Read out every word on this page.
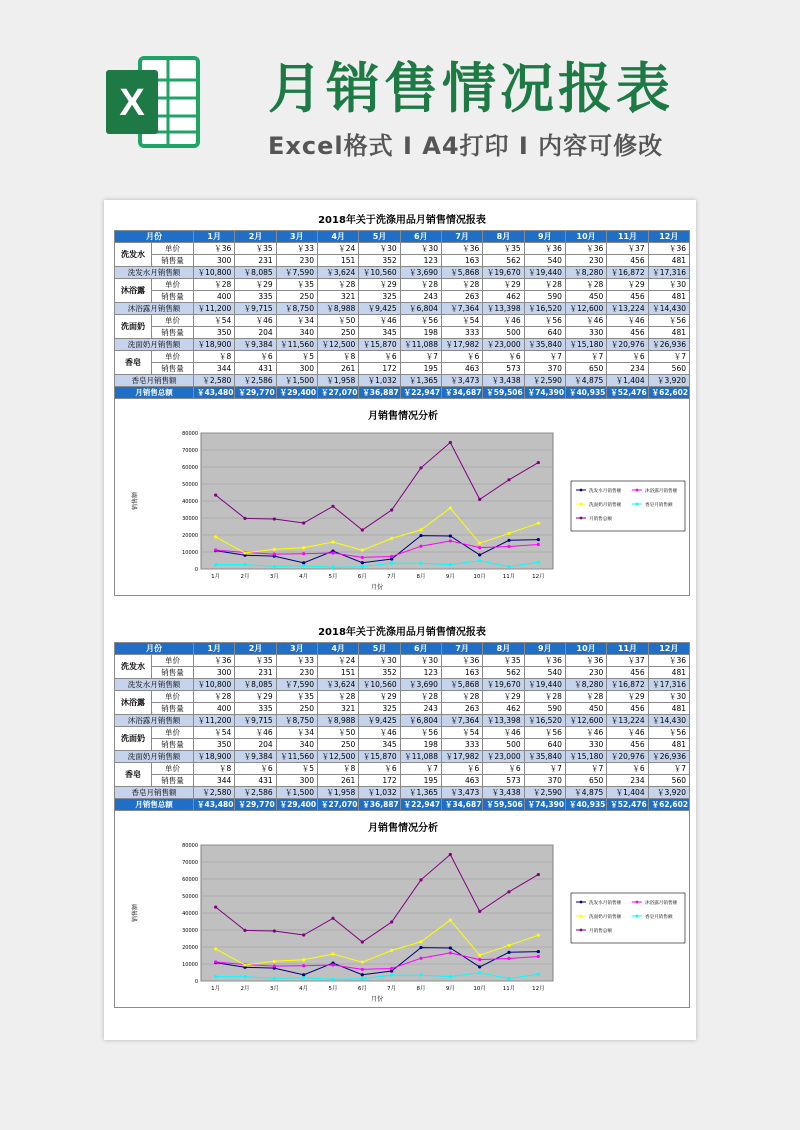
X 月销售情况报表
Excel格式 I A4打印 I 内容可修改
2018年关于洗涤用品月销售情况报表
月份		1月	2月	3月	4月	5月	6月	7月	8月	9月	10月	11月	12月
洗发水	单价	￥36	￥35	￥33	￥24	￥30	￥30	￥36	￥35	￥36	￥36	￥37	￥36
	销售量	300	231	230	151	352	123	163	562	540	230	456	481
洗发水月销售额		￥10,800	￥8,085	￥7,590	￥3,624	￥10,560	￥3,690	￥5,868	￥19,670	￥19,440	￥8,280	￥16,872	￥17,316
沐浴露	单价	￥28	￥29	￥35	￥28	￥29	￥28	￥28	￥29	￥28	￥28	￥29	￥30
	销售量	400	335	250	321	325	243	263	462	590	450	456	481
沐浴露月销售额		￥11,200	￥9,715	￥8,750	￥8,988	￥9,425	￥6,804	￥7,364	￥13,398	￥16,520	￥12,600	￥13,224	￥14,430
洗面奶	单价	￥54	￥46	￥34	￥50	￥46	￥56	￥54	￥46	￥56	￥46	￥46	￥56
	销售量	350	204	340	250	345	198	333	500	640	330	456	481
洗面奶月销售额		￥18,900	￥9,384	￥11,560	￥12,500	￥15,870	￥11,088	￥17,982	￥23,000	￥35,840	￥15,180	￥20,976	￥26,936
香皂	单价	￥8	￥6	￥5	￥8	￥6	￥7	￥6	￥6	￥7	￥7	￥6	￥7
	销售量	344	431	300	261	172	195	463	573	370	650	234	560
香皂月销售额		￥2,580	￥2,586	￥1,500	￥1,958	￥1,032	￥1,365	￥3,473	￥3,438	￥2,590	￥4,875	￥1,404	￥3,920
月销售总额		￥43,480	￥29,770	￥29,400	￥27,070	￥36,887	￥22,947	￥34,687	￥59,506	￥74,390	￥40,935	￥52,476	￥62,602
月销售情况分析
0
10000
20000
30000
40000
50000
60000
70000
80000
1月	2月	3月	4月	5月	6月	7月	8月	9月	10月	11月	12月
月份
销售额
洗发水月销售额	沐浴露月销售额
洗面奶月销售额	香皂月销售额
月销售总额
2018年关于洗涤用品月销售情况报表
月份		1月	2月	3月	4月	5月	6月	7月	8月	9月	10月	11月	12月
洗发水	单价	￥36	￥35	￥33	￥24	￥30	￥30	￥36	￥35	￥36	￥36	￥37	￥36
	销售量	300	231	230	151	352	123	163	562	540	230	456	481
洗发水月销售额		￥10,800	￥8,085	￥7,590	￥3,624	￥10,560	￥3,690	￥5,868	￥19,670	￥19,440	￥8,280	￥16,872	￥17,316
沐浴露	单价	￥28	￥29	￥35	￥28	￥29	￥28	￥28	￥29	￥28	￥28	￥29	￥30
	销售量	400	335	250	321	325	243	263	462	590	450	456	481
沐浴露月销售额		￥11,200	￥9,715	￥8,750	￥8,988	￥9,425	￥6,804	￥7,364	￥13,398	￥16,520	￥12,600	￥13,224	￥14,430
洗面奶	单价	￥54	￥46	￥34	￥50	￥46	￥56	￥54	￥46	￥56	￥46	￥46	￥56
	销售量	350	204	340	250	345	198	333	500	640	330	456	481
洗面奶月销售额		￥18,900	￥9,384	￥11,560	￥12,500	￥15,870	￥11,088	￥17,982	￥23,000	￥35,840	￥15,180	￥20,976	￥26,936
香皂	单价	￥8	￥6	￥5	￥8	￥6	￥7	￥6	￥6	￥7	￥7	￥6	￥7
	销售量	344	431	300	261	172	195	463	573	370	650	234	560
香皂月销售额		￥2,580	￥2,586	￥1,500	￥1,958	￥1,032	￥1,365	￥3,473	￥3,438	￥2,590	￥4,875	￥1,404	￥3,920
月销售总额		￥43,480	￥29,770	￥29,400	￥27,070	￥36,887	￥22,947	￥34,687	￥59,506	￥74,390	￥40,935	￥52,476	￥62,602
月销售情况分析
0
10000
20000
30000
40000
50000
60000
70000
80000
1月	2月	3月	4月	5月	6月	7月	8月	9月	10月	11月	12月
月份
销售额
洗发水月销售额	沐浴露月销售额
洗面奶月销售额	香皂月销售额
月销售总额
